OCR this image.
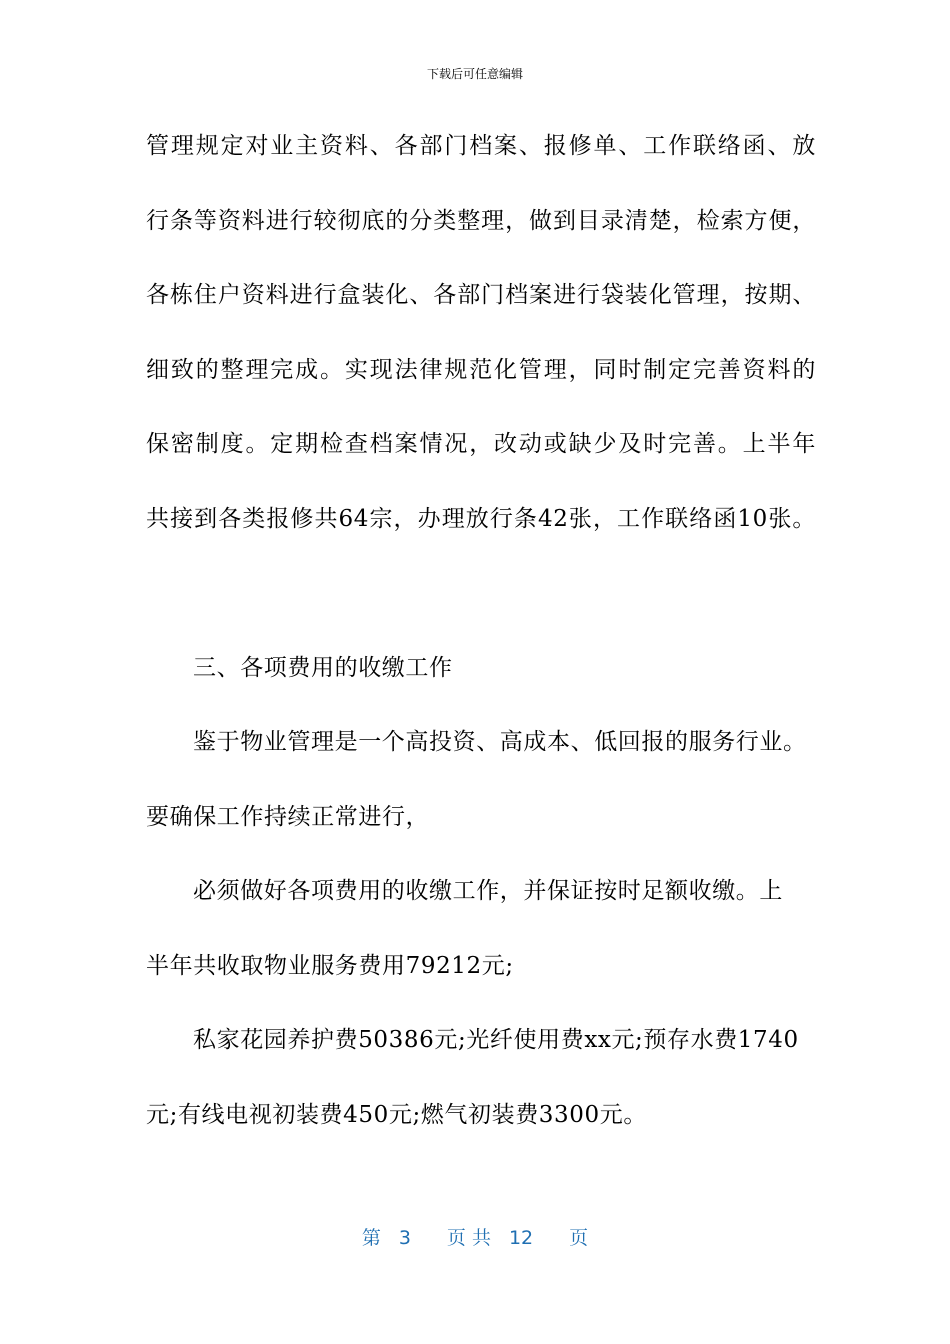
下载后可任意编辑
管理规定对业主资料、各部门档案、报修单、工作联络函、放
行条等资料进行较彻底的分类整理，做到目录清楚，检索方便，
各栋住户资料进行盒装化、各部门档案进行袋装化管理，按期、
细致的整理完成。实现法律规范化管理，同时制定完善资料的
保密制度。定期检查档案情况，改动或缺少及时完善。上半年
共接到各类报修共64宗，办理放行条42张，工作联络函10张。
三、各项费用的收缴工作
鉴于物业管理是一个高投资、高成本、低回报的服务行业。
要确保工作持续正常进行，
必须做好各项费用的收缴工作，并保证按时足额收缴。上
半年共收取物业服务费用79212元;
私家花园养护费50386元;光纤使用费xx元;预存水费1740
元;有线电视初装费450元;燃气初装费3300元。
第 3 页 共 12 页
